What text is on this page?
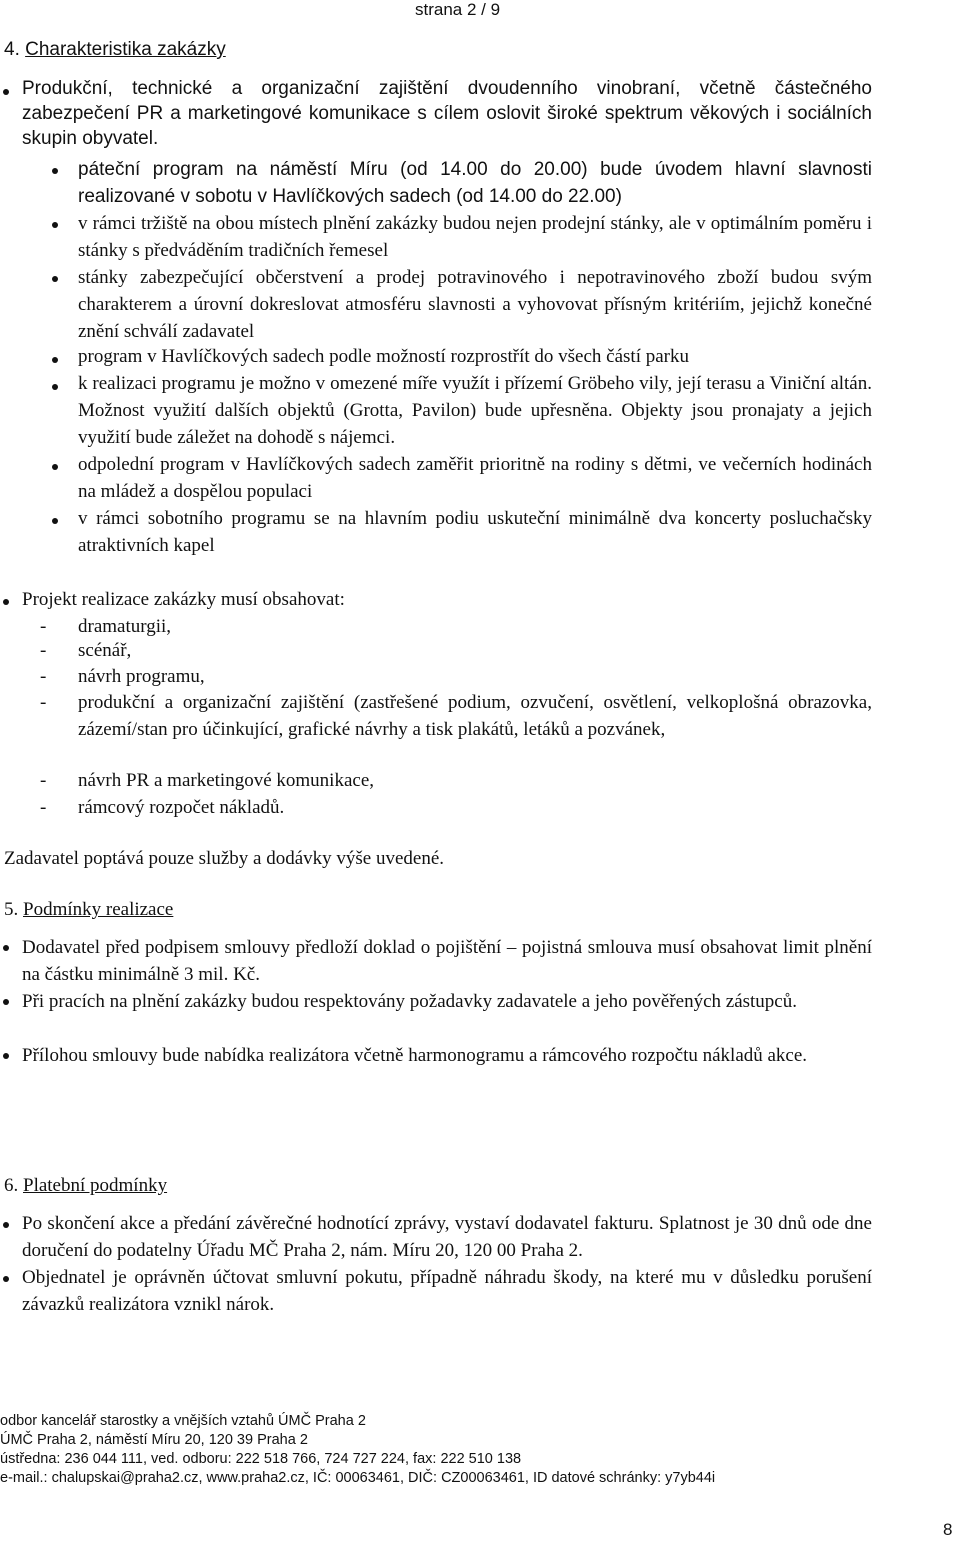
strana 2 / 9
4. Charakteristika zakázky
Produkční, technické a organizační zajištění dvoudenního vinobraní, včetně částečného zabezpečení PR a marketingové komunikace s cílem oslovit široké spektrum věkových i sociálních skupin obyvatel.
páteční program na náměstí Míru (od 14.00 do 20.00) bude úvodem hlavní slavnosti realizované v sobotu v Havlíčkových sadech (od 14.00 do 22.00)
v rámci tržiště na obou místech plnění zakázky budou nejen prodejní stánky, ale v optimálním poměru i stánky s předváděním tradičních řemesel
stánky zabezpečující občerstvení a prodej potravinového i nepotravinového zboží budou svým charakterem a úrovní dokreslovat atmosféru slavnosti a vyhovovat přísným kritériím, jejichž konečné znění schválí zadavatel
program v Havlíčkových sadech podle možností rozprostřít do všech částí parku
k realizaci programu je možno v omezené míře využít i přízemí Gröbeho vily, její terasu a Viniční altán. Možnost využití dalších objektů (Grotta, Pavilon) bude upřesněna. Objekty jsou pronajaty a jejich využití bude záležet na dohodě s nájemci.
odpolední program v Havlíčkových sadech zaměřit prioritně na rodiny s dětmi, ve večerních hodinách na mládež a dospělou populaci
v rámci sobotního programu se na hlavním podiu uskuteční minimálně dva koncerty posluchačsky atraktivních kapel
Projekt realizace zakázky musí obsahovat:
- dramaturgii,
- scénář,
- návrh programu,
- produkční a organizační zajištění (zastřešené podium, ozvučení, osvětlení, velkoplošná obrazovka, zázemí/stan pro účinkující, grafické návrhy a tisk plakátů, letáků a pozvánek,
- návrh PR a marketingové komunikace,
- rámcový rozpočet nákladů.
Zadavatel poptává pouze služby a dodávky výše uvedené.
5. Podmínky realizace
Dodavatel před podpisem smlouvy předloží doklad o pojištění – pojistná smlouva musí obsahovat limit plnění na částku minimálně 3 mil. Kč.
Při pracích na plnění zakázky budou respektovány požadavky zadavatele a jeho pověřených zástupců.
Přílohou smlouvy bude nabídka realizátora včetně harmonogramu a rámcového rozpočtu nákladů akce.
6. Platební podmínky
Po skončení akce a předání závěrečné hodnotící zprávy, vystaví dodavatel fakturu. Splatnost je 30 dnů ode dne doručení do podatelny Úřadu MČ Praha 2, nám. Míru 20, 120 00 Praha 2.
Objednatel je oprávněn účtovat smluvní pokutu, případně náhradu škody, na které mu v důsledku porušení závazků realizátora vznikl nárok.
odbor kancelář starostky a vnějších vztahů ÚMČ Praha 2
ÚMČ Praha 2, náměstí Míru 20, 120 39 Praha 2
ústředna: 236 044 111, ved. odboru: 222 518 766, 724 727 224, fax: 222 510 138
e-mail.: chalupskai@praha2.cz, www.praha2.cz, IČ: 00063461, DIČ: CZ00063461, ID datové schránky: y7yb44i
8
